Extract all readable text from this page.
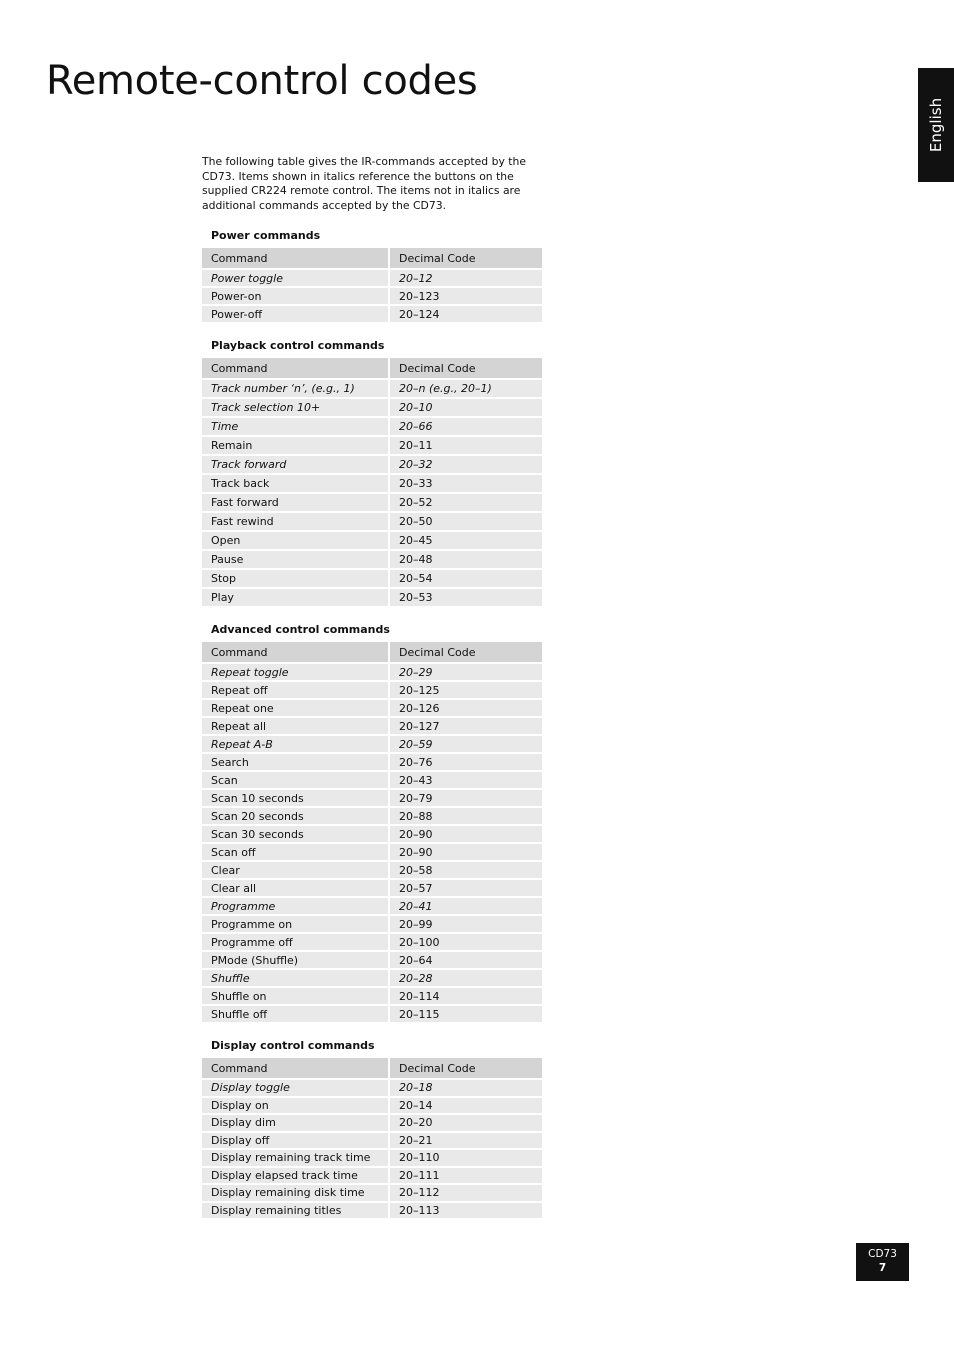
Remote-control codes
English

The following table gives the IR-commands accepted by the CD73. Items shown in italics reference the buttons on the supplied CR224 remote control. The items not in italics are additional commands accepted by the CD73.

Power commands
Command	Decimal Code
Power toggle	20–12
Power-on	20–123
Power-off	20–124
Playback control commands
Command	Decimal Code
Track number ‘n’, (e.g., 1)	20–n (e.g., 20–1)
Track selection 10+	20–10
Time	20–66
Remain	20–11
Track forward	20–32
Track back	20–33
Fast forward	20–52
Fast rewind	20–50
Open	20–45
Pause	20–48
Stop	20–54
Play	20–53
Advanced control commands
Command	Decimal Code
Repeat toggle	20–29
Repeat off	20–125
Repeat one	20–126
Repeat all	20–127
Repeat A-B	20–59
Search	20–76
Scan	20–43
Scan 10 seconds	20–79
Scan 20 seconds	20–88
Scan 30 seconds	20–90
Scan off	20–90
Clear	20–58
Clear all	20–57
Programme	20–41
Programme on	20–99
Programme off	20–100
PMode (Shuffle)	20–64
Shuffle	20–28
Shuffle on	20–114
Shuffle off	20–115
Display control commands
Command	Decimal Code
Display toggle	20–18
Display on	20–14
Display dim	20–20
Display off	20–21
Display remaining track time	20–110
Display elapsed track time	20–111
Display remaining disk time	20–112
Display remaining titles	20–113
CD73
7
